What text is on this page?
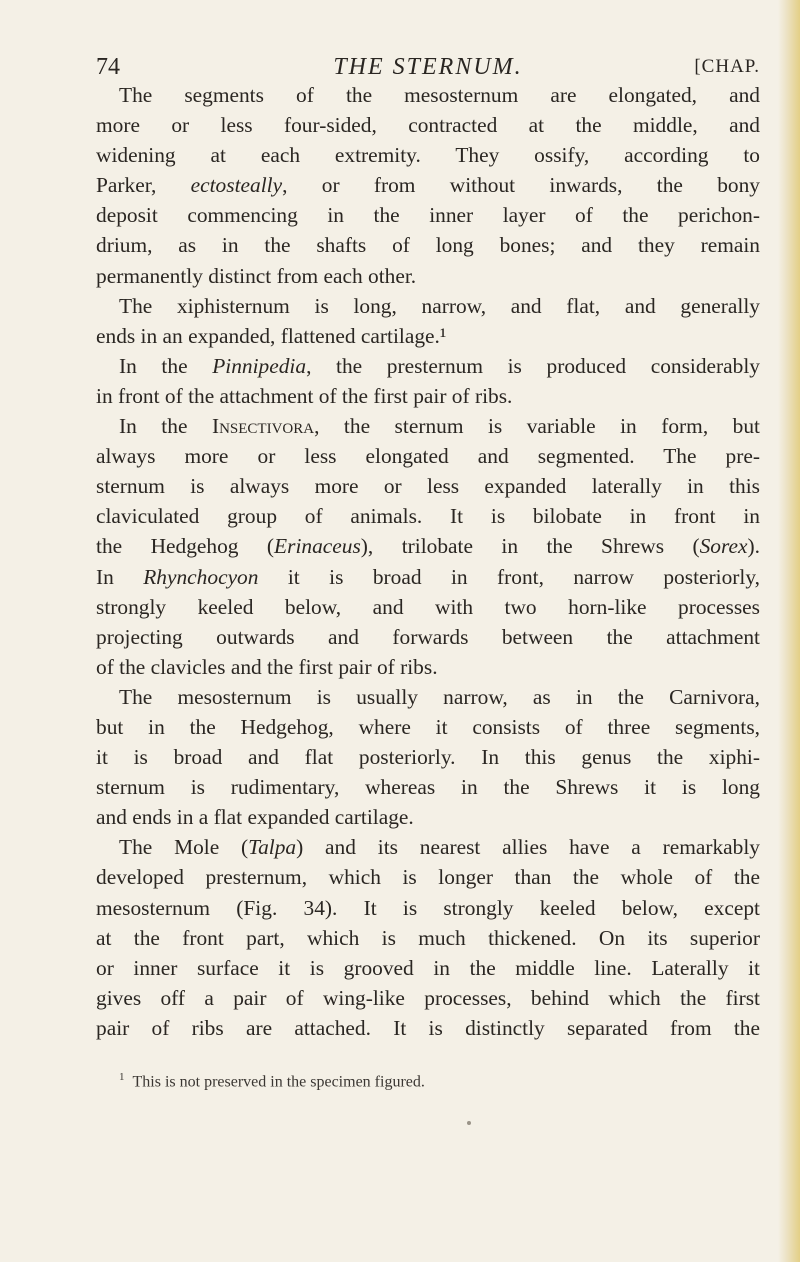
74	THE STERNUM.	[CHAP.
The segments of the mesosternum are elongated, and
more or less four-sided, contracted at the middle, and
widening at each extremity. They ossify, according to
Parker, ectosteally, or from without inwards, the bony
deposit commencing in the inner layer of the perichon-
drium, as in the shafts of long bones; and they remain
permanently distinct from each other.
The xiphisternum is long, narrow, and flat, and generally
ends in an expanded, flattened cartilage.¹
In the Pinnipedia, the presternum is produced considerably
in front of the attachment of the first pair of ribs.
In the Insectivora, the sternum is variable in form, but
always more or less elongated and segmented. The pre-
sternum is always more or less expanded laterally in this
claviculated group of animals. It is bilobate in front in
the Hedgehog (Erinaceus), trilobate in the Shrews (Sorex).
In Rhynchocyon it is broad in front, narrow posteriorly,
strongly keeled below, and with two horn-like processes
projecting outwards and forwards between the attachment
of the clavicles and the first pair of ribs.
The mesosternum is usually narrow, as in the Carnivora,
but in the Hedgehog, where it consists of three segments,
it is broad and flat posteriorly. In this genus the xiphi-
sternum is rudimentary, whereas in the Shrews it is long
and ends in a flat expanded cartilage.
The Mole (Talpa) and its nearest allies have a remarkably
developed presternum, which is longer than the whole of the
mesosternum (Fig. 34). It is strongly keeled below, except
at the front part, which is much thickened. On its superior
or inner surface it is grooved in the middle line. Laterally it
gives off a pair of wing-like processes, behind which the first
pair of ribs are attached. It is distinctly separated from the
$^1$ This is not preserved in the specimen figured.
